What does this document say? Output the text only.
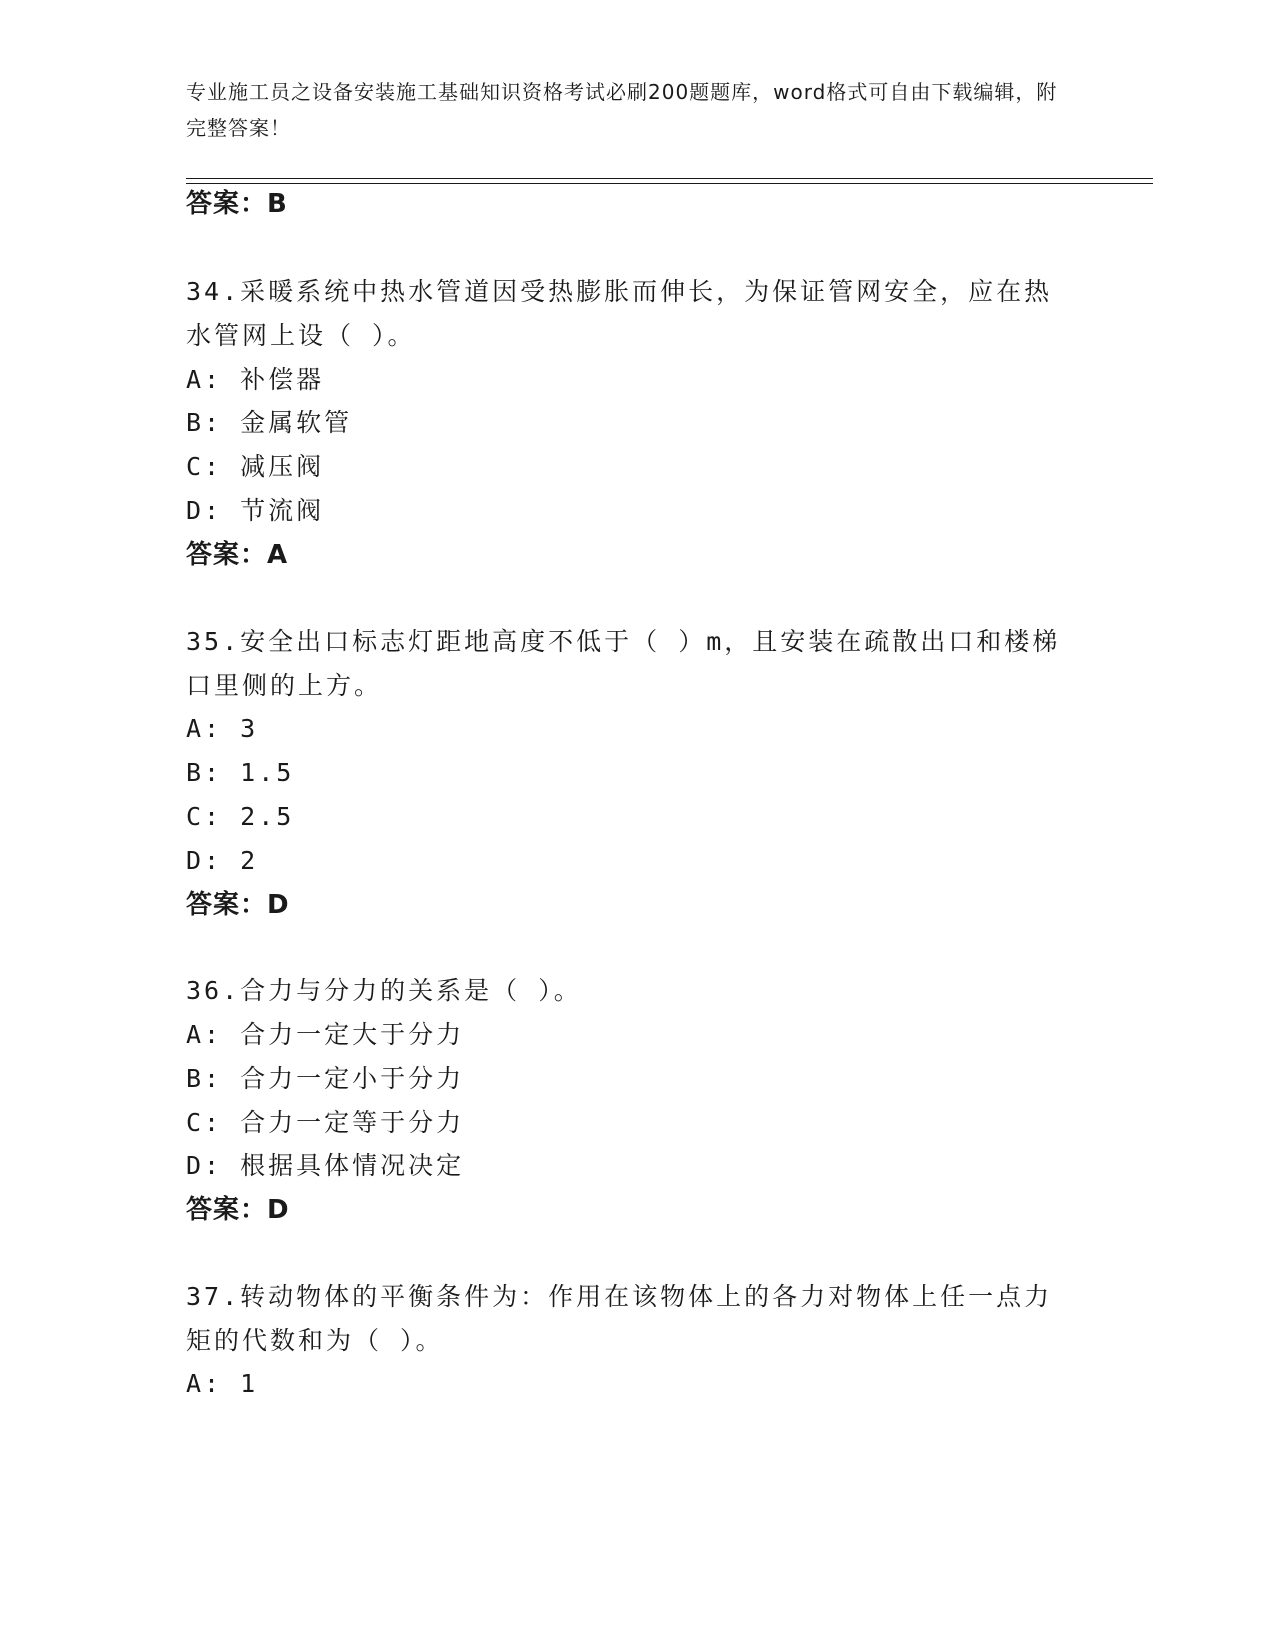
专业施工员之设备安装施工基础知识资格考试必刷200题题库，word格式可自由下载编辑，附完整答案！
答案：B
34.采暖系统中热水管道因受热膨胀而伸长，为保证管网安全，应在热
水管网上设（ ）。
A: 补偿器
B: 金属软管
C: 减压阀
D: 节流阀
答案：A
35.安全出口标志灯距地高度不低于（ ）m，且安装在疏散出口和楼梯
口里侧的上方。
A: 3
B: 1.5
C: 2.5
D: 2
答案：D
36.合力与分力的关系是（ ）。
A: 合力一定大于分力
B: 合力一定小于分力
C: 合力一定等于分力
D: 根据具体情况决定
答案：D
37.转动物体的平衡条件为：作用在该物体上的各力对物体上任一点力
矩的代数和为（ ）。
A: 1
